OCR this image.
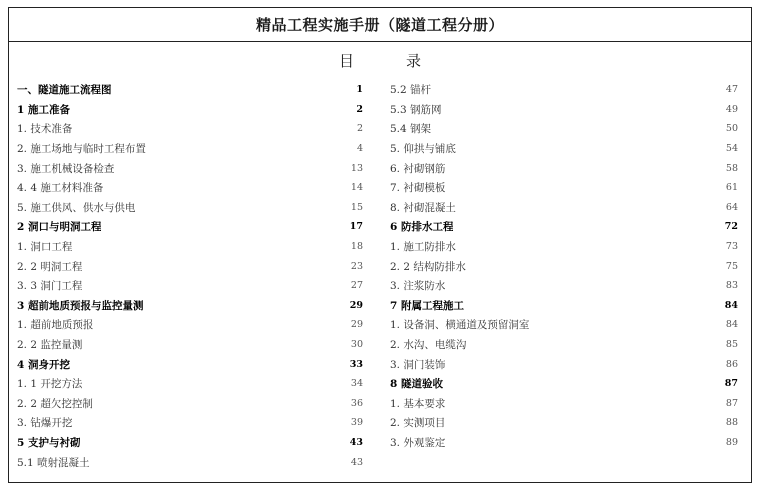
精品工程实施手册（隧道工程分册）
目	录
一、隧道施工流程图	1
1 施工准备	2
1. 技术准备	2
2. 施工场地与临时工程布置	4
3. 施工机械设备检查	13
4. 4 施工材料准备	14
5. 施工供风、供水与供电	15
2 洞口与明洞工程	17
1. 洞口工程	18
2. 2 明洞工程	23
3. 3 洞门工程	27
3 超前地质预报与监控量测	29
1. 超前地质预报	29
2. 2 监控量测	30
4 洞身开挖	33
1. 1 开挖方法	34
2. 2 超欠挖控制	36
3. 钻爆开挖	39
5 支护与衬砌	43
5.1 喷射混凝土	43
5.2 锚杆	47
5.3 钢筋网	49
5.4 钢架	50
5. 仰拱与铺底	54
6. 衬砌钢筋	58
7. 衬砌模板	61
8. 衬砌混凝土	64
6 防排水工程	72
1. 施工防排水	73
2. 2 结构防排水	75
3. 注浆防水	83
7 附属工程施工	84
1. 设备洞、横通道及预留洞室	84
2. 水沟、电缆沟	85
3. 洞门装饰	86
8 隧道验收	87
1. 基本要求	87
2. 实测项目	88
3. 外观鉴定	89
